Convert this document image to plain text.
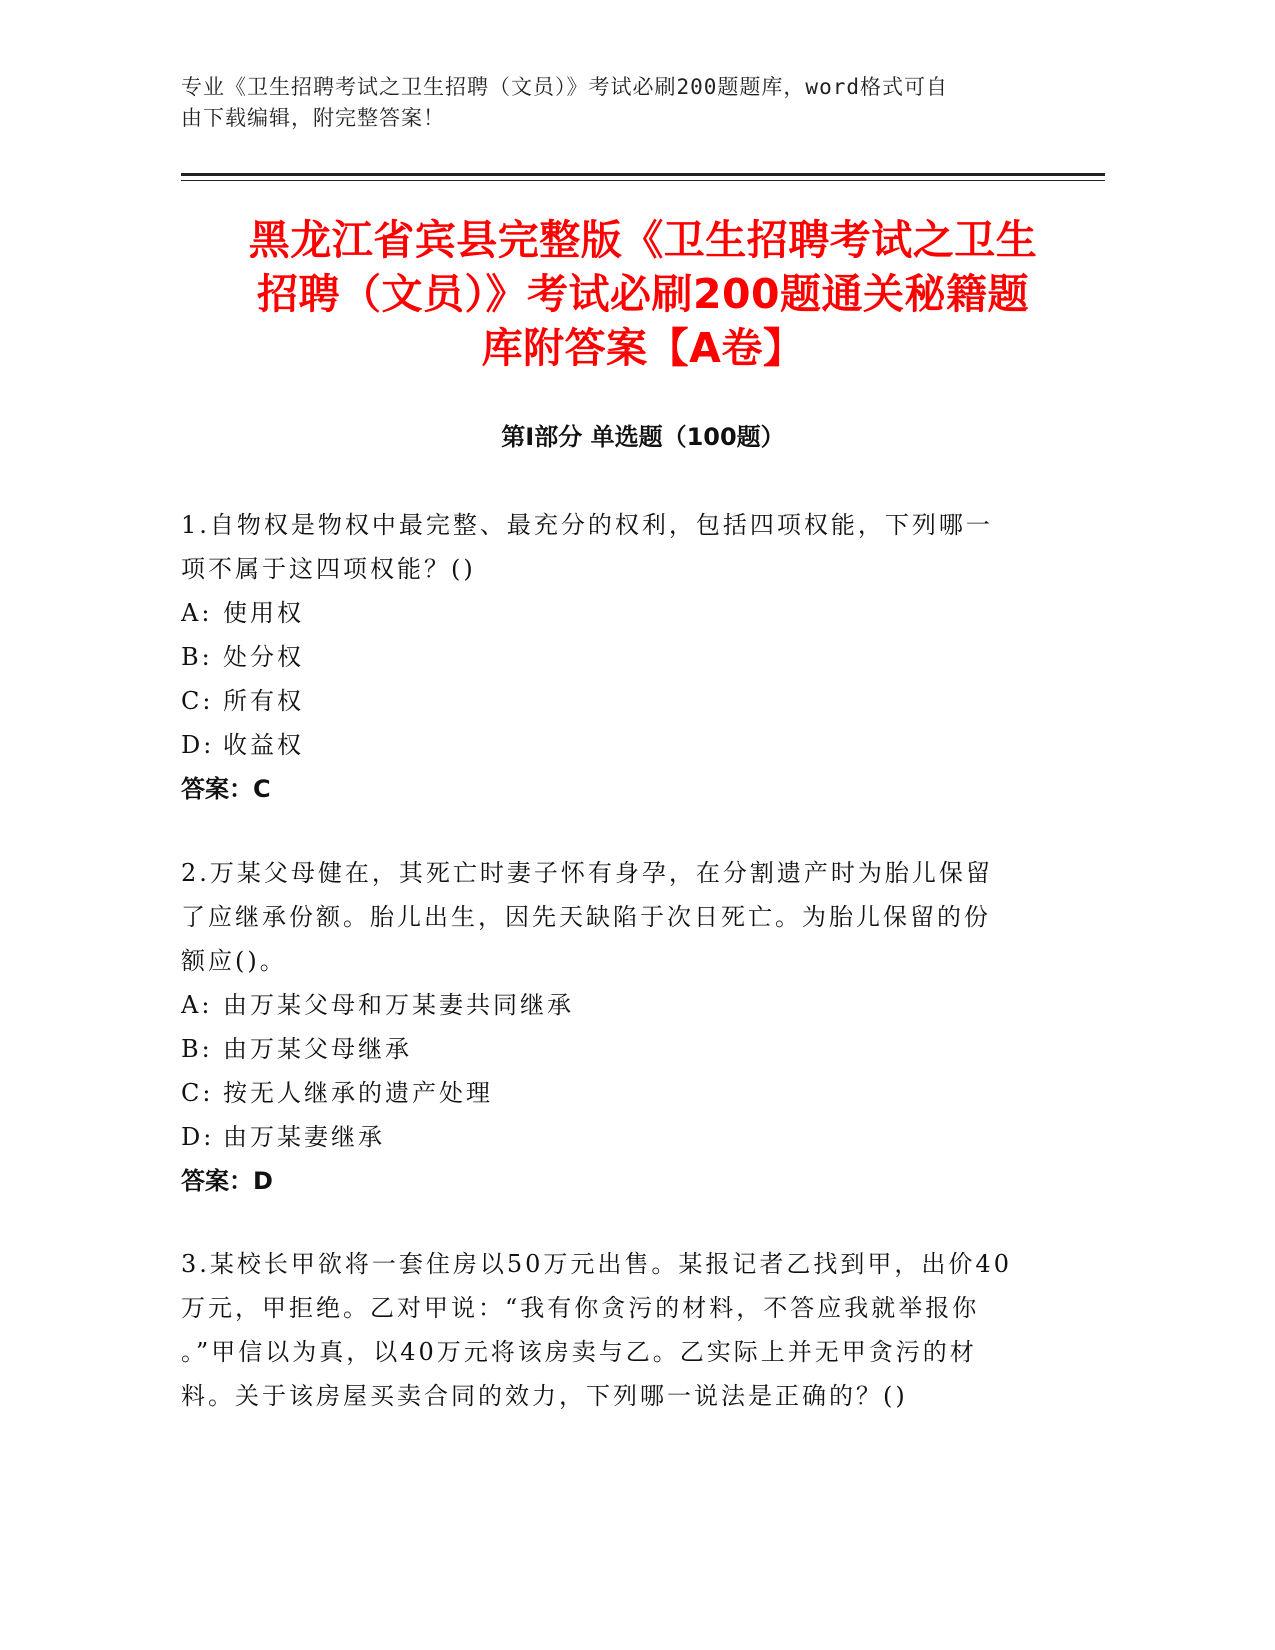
专业《卫生招聘考试之卫生招聘（文员）》考试必刷200题题库，word格式可自
由下载编辑，附完整答案！
黑龙江省宾县完整版《卫生招聘考试之卫生
招聘（文员）》考试必刷200题通关秘籍题
库附答案【A卷】
第I部分 单选题（100题）

1.自物权是物权中最完整、最充分的权利，包括四项权能，下列哪一
项不属于这四项权能？()

A: 使用权
B: 处分权
C: 所有权
D: 收益权

答案：C

2.万某父母健在，其死亡时妻子怀有身孕，在分割遗产时为胎儿保留
了应继承份额。胎儿出生，因先天缺陷于次日死亡。为胎儿保留的份
额应()。

A: 由万某父母和万某妻共同继承
B: 由万某父母继承
C: 按无人继承的遗产处理
D: 由万某妻继承

答案：D

3.某校长甲欲将一套住房以50万元出售。某报记者乙找到甲，出价40
万元，甲拒绝。乙对甲说：“我有你贪污的材料，不答应我就举报你
。”甲信以为真，以40万元将该房卖与乙。乙实际上并无甲贪污的材
料。关于该房屋买卖合同的效力，下列哪一说法是正确的？()
